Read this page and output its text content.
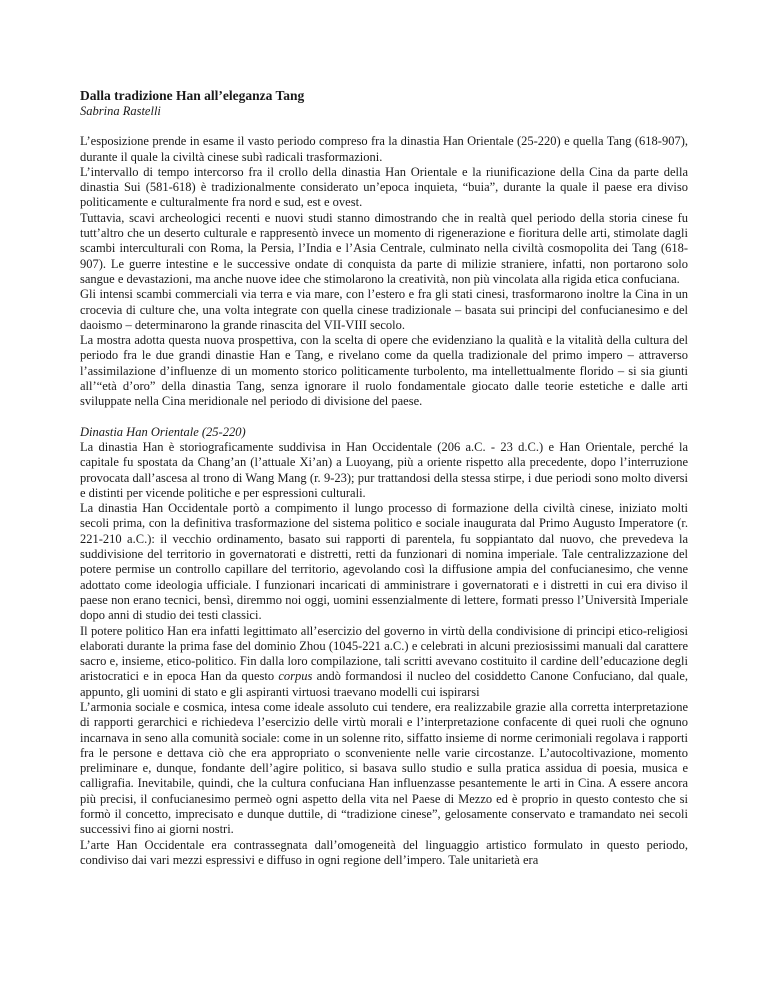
Dalla tradizione Han all’eleganza Tang

Sabrina Rastelli

L’esposizione prende in esame il vasto periodo compreso fra la dinastia Han Orientale (25-220) e quella Tang (618-907), durante il quale la civiltà cinese subì radicali trasformazioni.

L’intervallo di tempo intercorso fra il crollo della dinastia Han Orientale e la riunificazione della Cina da parte della dinastia Sui (581-618) è tradizionalmente considerato un’epoca inquieta, “buia”, durante la quale il paese era diviso politicamente e culturalmente fra nord e sud, est e ovest.

Tuttavia, scavi archeologici recenti e nuovi studi stanno dimostrando che in realtà quel periodo della storia cinese fu tutt’altro che un deserto culturale e rappresentò invece un momento di rigenerazione e fioritura delle arti, stimolate dagli scambi interculturali con Roma, la Persia, l’India e l’Asia Centrale, culminato nella civiltà cosmopolita dei Tang (618-907). Le guerre intestine e le successive ondate di conquista da parte di milizie straniere, infatti, non portarono solo sangue e devastazioni, ma anche nuove idee che stimolarono la creatività, non più vincolata alla rigida etica confuciana.

Gli intensi scambi commerciali via terra e via mare, con l’estero e fra gli stati cinesi, trasformarono inoltre la Cina in un crocevia di culture che, una volta integrate con quella cinese tradizionale – basata sui principi del confucianesimo e del daoismo – determinarono la grande rinascita del VII-VIII secolo.

La mostra adotta questa nuova prospettiva, con la scelta di opere che evidenziano la qualità e la vitalità della cultura del periodo fra le due grandi dinastie Han e Tang, e rivelano come da quella tradizionale del primo impero – attraverso l’assimilazione d’influenze di un momento storico politicamente turbolento, ma intellettualmente florido – si sia giunti all’“età d’oro” della dinastia Tang, senza ignorare il ruolo fondamentale giocato dalle teorie estetiche e dalle arti sviluppate nella Cina meridionale nel periodo di divisione del paese.

Dinastia Han Orientale (25-220)

La dinastia Han è storiograficamente suddivisa in Han Occidentale (206 a.C. - 23 d.C.) e Han Orientale, perché la capitale fu spostata da Chang’an (l’attuale Xi’an) a Luoyang, più a oriente rispetto alla precedente, dopo l’interruzione provocata dall’ascesa al trono di Wang Mang (r. 9-23); pur trattandosi della stessa stirpe, i due periodi sono molto diversi e distinti per vicende politiche e per espressioni culturali.

La dinastia Han Occidentale portò a compimento il lungo processo di formazione della civiltà cinese, iniziato molti secoli prima, con la definitiva trasformazione del sistema politico e sociale inaugurata dal Primo Augusto Imperatore (r. 221-210 a.C.): il vecchio ordinamento, basato sui rapporti di parentela, fu soppiantato dal nuovo, che prevedeva la suddivisione del territorio in governatorati e distretti, retti da funzionari di nomina imperiale. Tale centralizzazione del potere permise un controllo capillare del territorio, agevolando così la diffusione ampia del confucianesimo, che venne adottato come ideologia ufficiale. I funzionari incaricati di amministrare i governatorati e i distretti in cui era diviso il paese non erano tecnici, bensì, diremmo noi oggi, uomini essenzialmente di lettere, formati presso l’Università Imperiale dopo anni di studio dei testi classici.

Il potere politico Han era infatti legittimato all’esercizio del governo in virtù della condivisione di principi etico-religiosi elaborati durante la prima fase del dominio Zhou (1045-221 a.C.) e celebrati in alcuni preziosissimi manuali dal carattere sacro e, insieme, etico-politico. Fin dalla loro compilazione, tali scritti avevano costituito il cardine dell’educazione degli aristocratici e in epoca Han da questo corpus andò formandosi il nucleo del cosiddetto Canone Confuciano, dal quale, appunto, gli uomini di stato e gli aspiranti virtuosi traevano modelli cui ispirarsi

L’armonia sociale e cosmica, intesa come ideale assoluto cui tendere, era realizzabile grazie alla corretta interpretazione di rapporti gerarchici e richiedeva l’esercizio delle virtù morali e l’interpretazione confacente di quei ruoli che ognuno incarnava in seno alla comunità sociale: come in un solenne rito, siffatto insieme di norme cerimoniali regolava i rapporti fra le persone e dettava ciò che era appropriato o sconveniente nelle varie circostanze. L’autocoltivazione, momento preliminare e, dunque, fondante dell’agire politico, si basava sullo studio e sulla pratica assidua di poesia, musica e calligrafia. Inevitabile, quindi, che la cultura confuciana Han influenzasse pesantemente le arti in Cina. A essere ancora più precisi, il confucianesimo permeò ogni aspetto della vita nel Paese di Mezzo ed è proprio in questo contesto che si formò il concetto, imprecisato e dunque duttile, di “tradizione cinese”, gelosamente conservato e tramandato nei secoli successivi fino ai giorni nostri.

L’arte Han Occidentale era contrassegnata dall’omogeneità del linguaggio artistico formulato in questo periodo, condiviso dai vari mezzi espressivi e diffuso in ogni regione dell’impero. Tale unitarietà era
